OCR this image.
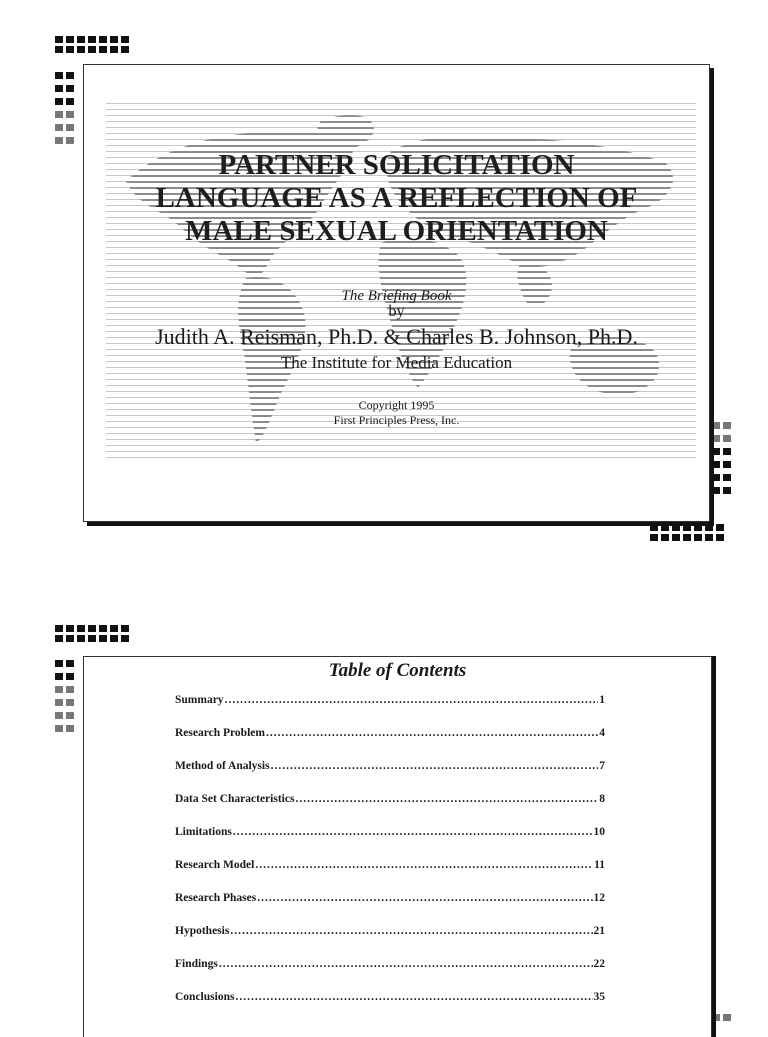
PARTNER SOLICITATION
LANGUAGE AS A REFLECTION OF
MALE SEXUAL ORIENTATION
The Briefing Book
by
Judith A. Reisman, Ph.D. & Charles B. Johnson, Ph.D.
The Institute for Media Education
Copyright 1995
First Principles Press, Inc.
Table of Contents
Summary .....	1
Research Problem .....	4
Method of Analysis .....	7
Data Set Characteristics .....	8
Limitations .....	10
Research Model .....	11
Research Phases .....	12
Hypothesis .....	21
Findings .....	22
Conclusions .....	35
